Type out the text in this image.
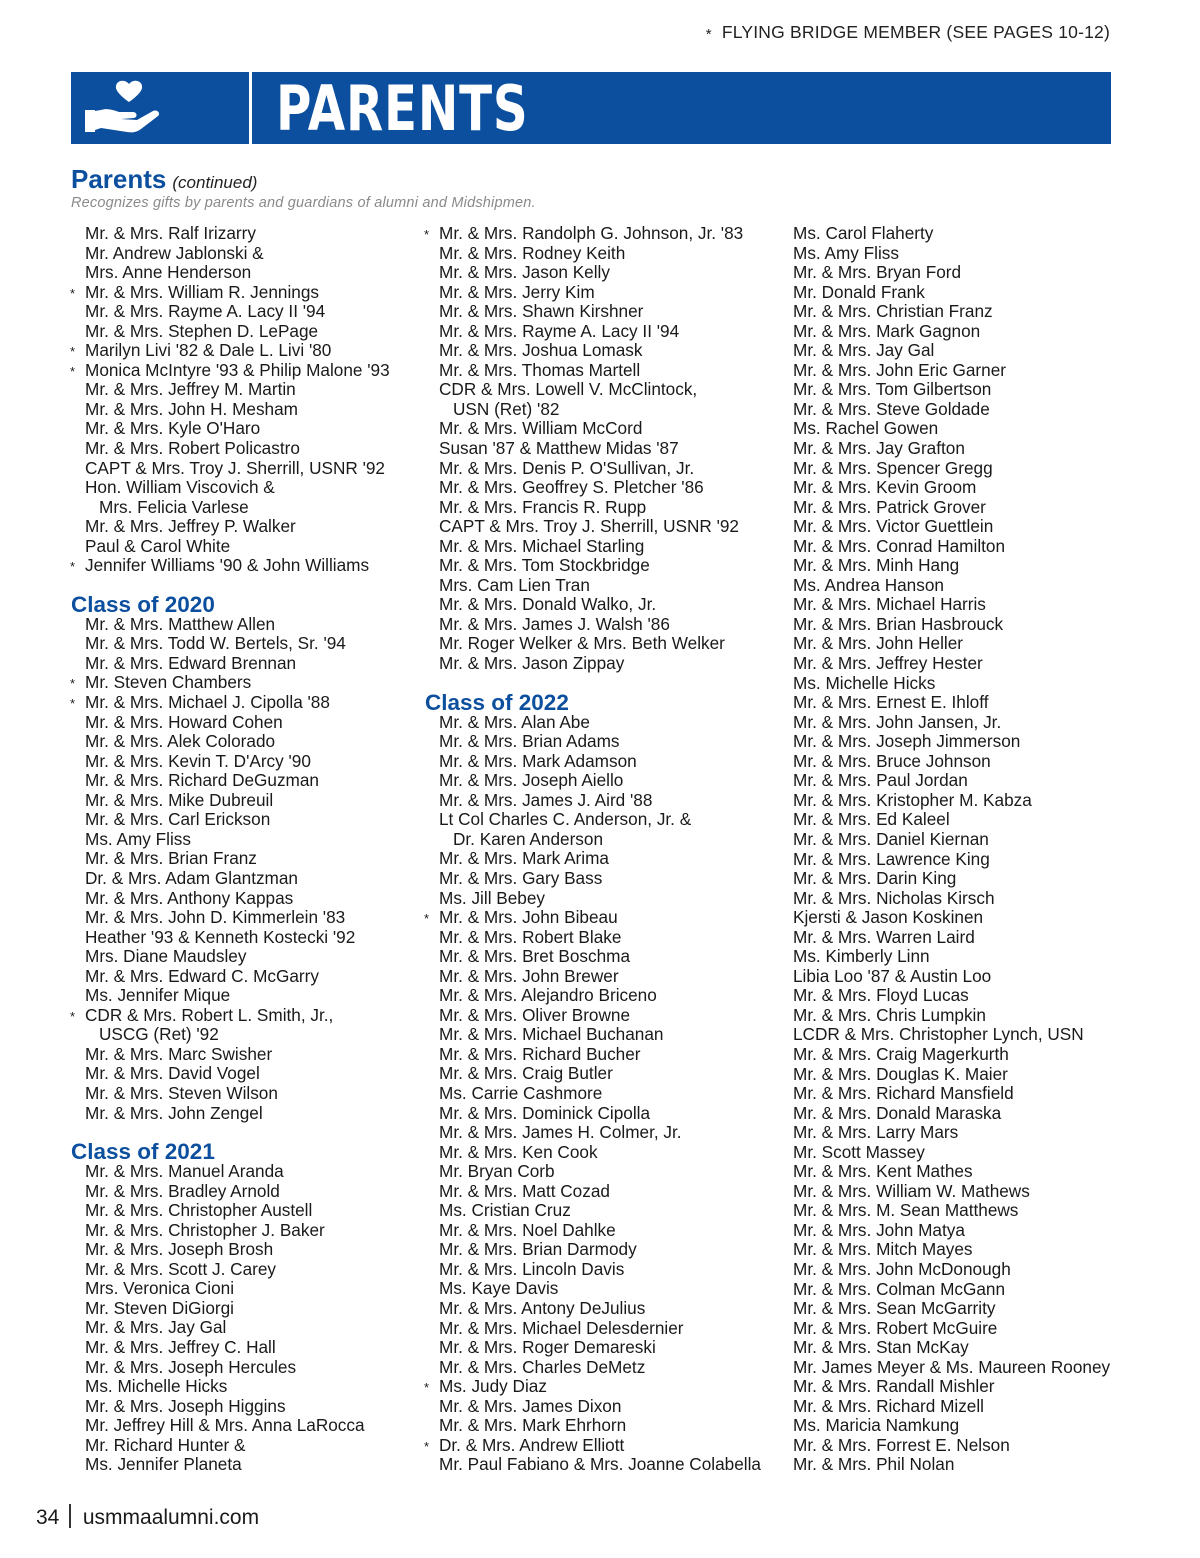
* FLYING BRIDGE MEMBER (SEE PAGES 10-12)
PARENTS
Parents (continued)
Recognizes gifts by parents and guardians of alumni and Midshipmen.
Mr. & Mrs. Ralf Irizarry
Mr. Andrew Jablonski &
Mrs. Anne Henderson
* Mr. & Mrs. William R. Jennings
Mr. & Mrs. Rayme A. Lacy II '94
Mr. & Mrs. Stephen D. LePage
* Marilyn Livi '82 & Dale L. Livi '80
* Monica McIntyre '93 & Philip Malone '93
Mr. & Mrs. Jeffrey M. Martin
Mr. & Mrs. John H. Mesham
Mr. & Mrs. Kyle O'Haro
Mr. & Mrs. Robert Policastro
CAPT & Mrs. Troy J. Sherrill, USNR '92
Hon. William Viscovich &
Mrs. Felicia Varlese
Mr. & Mrs. Jeffrey P. Walker
Paul & Carol White
* Jennifer Williams '90 & John Williams
Class of 2020
Mr. & Mrs. Matthew Allen
Mr. & Mrs. Todd W. Bertels, Sr. '94
Mr. & Mrs. Edward Brennan
* Mr. Steven Chambers
* Mr. & Mrs. Michael J. Cipolla '88
Mr. & Mrs. Howard Cohen
Mr. & Mrs. Alek Colorado
Mr. & Mrs. Kevin T. D'Arcy '90
Mr. & Mrs. Richard DeGuzman
Mr. & Mrs. Mike Dubreuil
Mr. & Mrs. Carl Erickson
Ms. Amy Fliss
Mr. & Mrs. Brian Franz
Dr. & Mrs. Adam Glantzman
Mr. & Mrs. Anthony Kappas
Mr. & Mrs. John D. Kimmerlein '83
Heather '93 & Kenneth Kostecki '92
Mrs. Diane Maudsley
Mr. & Mrs. Edward C. McGarry
Ms. Jennifer Mique
* CDR & Mrs. Robert L. Smith, Jr.,
USCG (Ret) '92
Mr. & Mrs. Marc Swisher
Mr. & Mrs. David Vogel
Mr. & Mrs. Steven Wilson
Mr. & Mrs. John Zengel
Class of 2021
Mr. & Mrs. Manuel Aranda
Mr. & Mrs. Bradley Arnold
Mr. & Mrs. Christopher Austell
Mr. & Mrs. Christopher J. Baker
Mr. & Mrs. Joseph Brosh
Mr. & Mrs. Scott J. Carey
Mrs. Veronica Cioni
Mr. Steven DiGiorgi
Mr. & Mrs. Jay Gal
Mr. & Mrs. Jeffrey C. Hall
Mr. & Mrs. Joseph Hercules
Ms. Michelle Hicks
Mr. & Mrs. Joseph Higgins
Mr. Jeffrey Hill & Mrs. Anna LaRocca
Mr. Richard Hunter &
Ms. Jennifer Planeta
* Mr. & Mrs. Randolph G. Johnson, Jr. '83
Mr. & Mrs. Rodney Keith
Mr. & Mrs. Jason Kelly
Mr. & Mrs. Jerry Kim
Mr. & Mrs. Shawn Kirshner
Mr. & Mrs. Rayme A. Lacy II '94
Mr. & Mrs. Joshua Lomask
Mr. & Mrs. Thomas Martell
CDR & Mrs. Lowell V. McClintock,
USN (Ret) '82
Mr. & Mrs. William McCord
Susan '87 & Matthew Midas '87
Mr. & Mrs. Denis P. O'Sullivan, Jr.
Mr. & Mrs. Geoffrey S. Pletcher '86
Mr. & Mrs. Francis R. Rupp
CAPT & Mrs. Troy J. Sherrill, USNR '92
Mr. & Mrs. Michael Starling
Mr. & Mrs. Tom Stockbridge
Mrs. Cam Lien Tran
Mr. & Mrs. Donald Walko, Jr.
Mr. & Mrs. James J. Walsh '86
Mr. Roger Welker & Mrs. Beth Welker
Mr. & Mrs. Jason Zippay
Class of 2022
Mr. & Mrs. Alan Abe
Mr. & Mrs. Brian Adams
Mr. & Mrs. Mark Adamson
Mr. & Mrs. Joseph Aiello
Mr. & Mrs. James J. Aird '88
Lt Col Charles C. Anderson, Jr. &
Dr. Karen Anderson
Mr. & Mrs. Mark Arima
Mr. & Mrs. Gary Bass
Ms. Jill Bebey
* Mr. & Mrs. John Bibeau
Mr. & Mrs. Robert Blake
Mr. & Mrs. Bret Boschma
Mr. & Mrs. John Brewer
Mr. & Mrs. Alejandro Briceno
Mr. & Mrs. Oliver Browne
Mr. & Mrs. Michael Buchanan
Mr. & Mrs. Richard Bucher
Mr. & Mrs. Craig Butler
Ms. Carrie Cashmore
Mr. & Mrs. Dominick Cipolla
Mr. & Mrs. James H. Colmer, Jr.
Mr. & Mrs. Ken Cook
Mr. Bryan Corb
Mr. & Mrs. Matt Cozad
Ms. Cristian Cruz
Mr. & Mrs. Noel Dahlke
Mr. & Mrs. Brian Darmody
Mr. & Mrs. Lincoln Davis
Ms. Kaye Davis
Mr. & Mrs. Antony DeJulius
Mr. & Mrs. Michael Delesdernier
Mr. & Mrs. Roger Demareski
Mr. & Mrs. Charles DeMetz
* Ms. Judy Diaz
Mr. & Mrs. James Dixon
Mr. & Mrs. Mark Ehrhorn
* Dr. & Mrs. Andrew Elliott
Mr. Paul Fabiano & Mrs. Joanne Colabella
Ms. Carol Flaherty
Ms. Amy Fliss
Mr. & Mrs. Bryan Ford
Mr. Donald Frank
Mr. & Mrs. Christian Franz
Mr. & Mrs. Mark Gagnon
Mr. & Mrs. Jay Gal
Mr. & Mrs. John Eric Garner
Mr. & Mrs. Tom Gilbertson
Mr. & Mrs. Steve Goldade
Ms. Rachel Gowen
Mr. & Mrs. Jay Grafton
Mr. & Mrs. Spencer Gregg
Mr. & Mrs. Kevin Groom
Mr. & Mrs. Patrick Grover
Mr. & Mrs. Victor Guettlein
Mr. & Mrs. Conrad Hamilton
Mr. & Mrs. Minh Hang
Ms. Andrea Hanson
Mr. & Mrs. Michael Harris
Mr. & Mrs. Brian Hasbrouck
Mr. & Mrs. John Heller
Mr. & Mrs. Jeffrey Hester
Ms. Michelle Hicks
Mr. & Mrs. Ernest E. Ihloff
Mr. & Mrs. John Jansen, Jr.
Mr. & Mrs. Joseph Jimmerson
Mr. & Mrs. Bruce Johnson
Mr. & Mrs. Paul Jordan
Mr. & Mrs. Kristopher M. Kabza
Mr. & Mrs. Ed Kaleel
Mr. & Mrs. Daniel Kiernan
Mr. & Mrs. Lawrence King
Mr. & Mrs. Darin King
Mr. & Mrs. Nicholas Kirsch
Kjersti & Jason Koskinen
Mr. & Mrs. Warren Laird
Ms. Kimberly Linn
Libia Loo '87 & Austin Loo
Mr. & Mrs. Floyd Lucas
Mr. & Mrs. Chris Lumpkin
LCDR & Mrs. Christopher Lynch, USN
Mr. & Mrs. Craig Magerkurth
Mr. & Mrs. Douglas K. Maier
Mr. & Mrs. Richard Mansfield
Mr. & Mrs. Donald Maraska
Mr. & Mrs. Larry Mars
Mr. Scott Massey
Mr. & Mrs. Kent Mathes
Mr. & Mrs. William W. Mathews
Mr. & Mrs. M. Sean Matthews
Mr. & Mrs. John Matya
Mr. & Mrs. Mitch Mayes
Mr. & Mrs. John McDonough
Mr. & Mrs. Colman McGann
Mr. & Mrs. Sean McGarrity
Mr. & Mrs. Robert McGuire
Mr. & Mrs. Stan McKay
Mr. James Meyer & Ms. Maureen Rooney
Mr. & Mrs. Randall Mishler
Mr. & Mrs. Richard Mizell
Ms. Maricia Namkung
Mr. & Mrs. Forrest E. Nelson
Mr. & Mrs. Phil Nolan
34 usmmaalumni.com
